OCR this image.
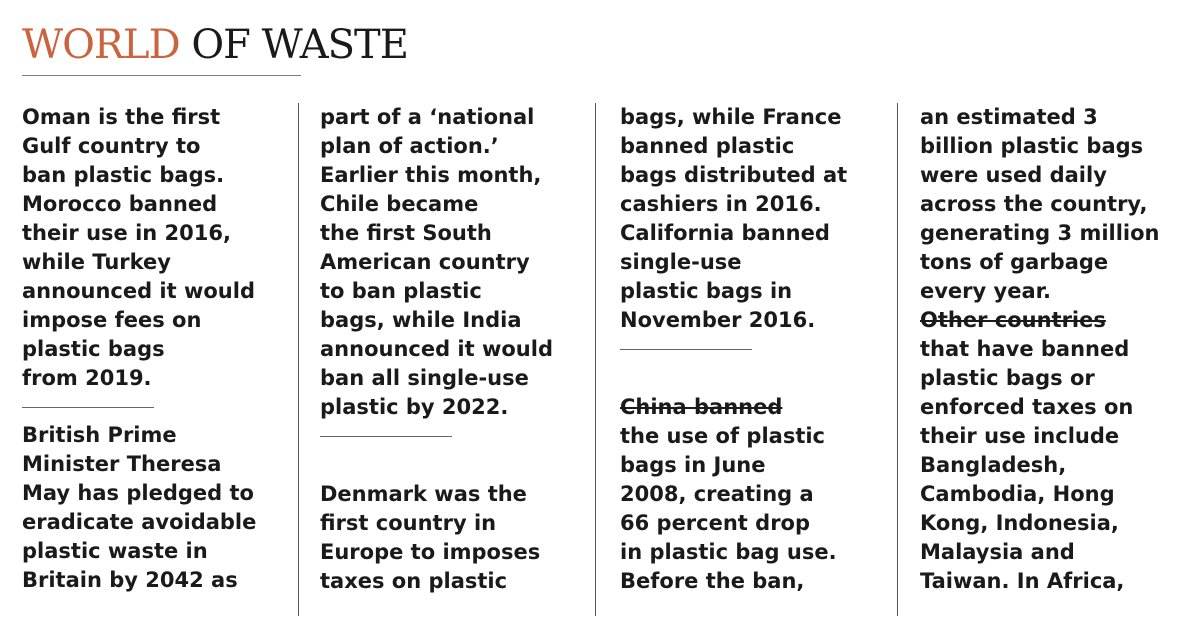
WORLD OF WASTE

Oman is the first
Gulf country to
ban plastic bags.
Morocco banned
their use in 2016,
while Turkey
announced it would
impose fees on
plastic bags
from 2019.

British Prime
Minister Theresa
May has pledged to
eradicate avoidable
plastic waste in
Britain by 2042 as

part of a ‘national
plan of action.’
Earlier this month,
Chile became
the first South
American country
to ban plastic
bags, while India
announced it would
ban all single-use
plastic by 2022.

Denmark was the
first country in
Europe to imposes
taxes on plastic

bags, while France
banned plastic
bags distributed at
cashiers in 2016.
California banned
single-use
plastic bags in
November 2016.

China banned
the use of plastic
bags in June
2008, creating a
66 percent drop
in plastic bag use.
Before the ban,

an estimated 3
billion plastic bags
were used daily
across the country,
generating 3 million
tons of garbage
every year.
Other countries
that have banned
plastic bags or
enforced taxes on
their use include
Bangladesh,
Cambodia, Hong
Kong, Indonesia,
Malaysia and
Taiwan. In Africa,
